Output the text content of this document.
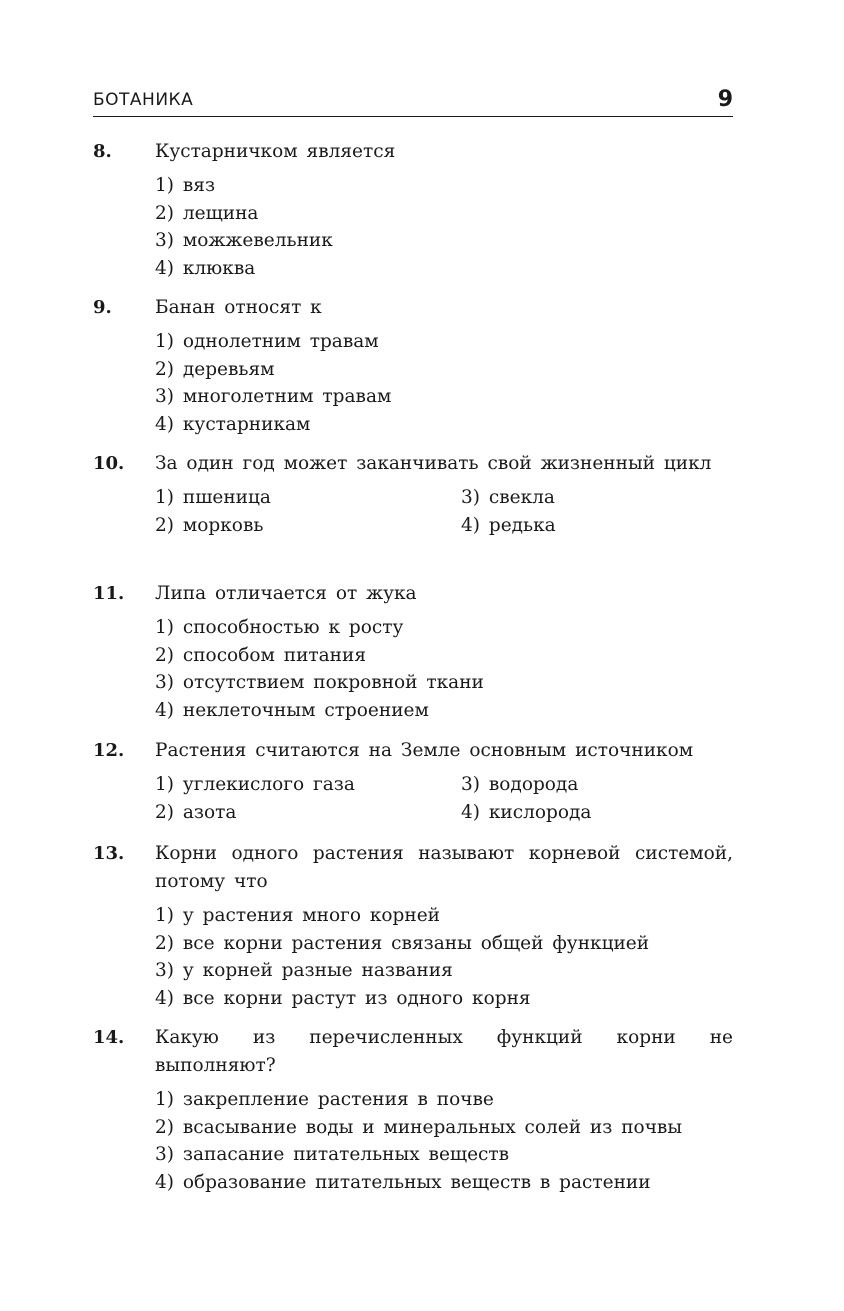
БОТАНИКА	9
8. Кустарничком является
1) вяз
2) лещина
3) можжевельник
4) клюква
9. Банан относят к
1) однолетним травам
2) деревьям
3) многолетним травам
4) кустарникам
10. За один год может заканчивать свой жизненный цикл
1) пшеница
2) морковь
3) свекла
4) редька
11. Липа отличается от жука
1) способностью к росту
2) способом питания
3) отсутствием покровной ткани
4) неклеточным строением
12. Растения считаются на Земле основным источником
1) углекислого газа
2) азота
3) водорода
4) кислорода
13. Корни одного растения называют корневой системой, потому что
1) у растения много корней
2) все корни растения связаны общей функцией
3) у корней разные названия
4) все корни растут из одного корня
14. Какую из перечисленных функций корни не выполняют?
1) закрепление растения в почве
2) всасывание воды и минеральных солей из почвы
3) запасание питательных веществ
4) образование питательных веществ в растении
